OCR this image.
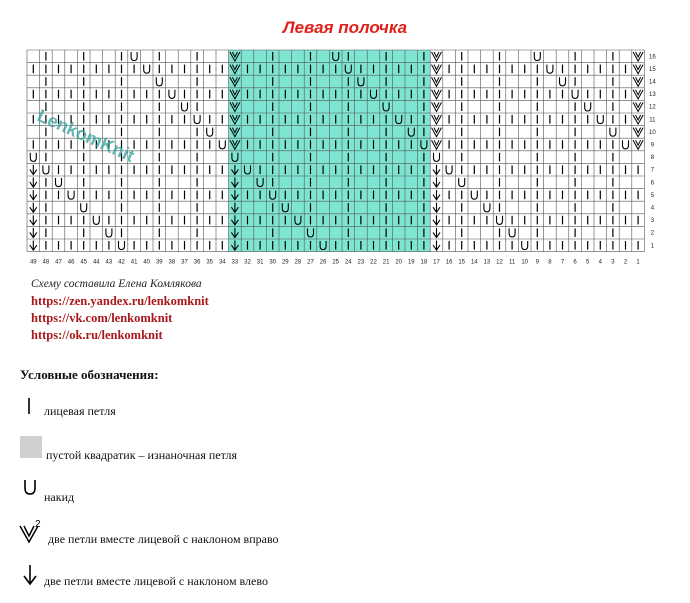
Левая полочка
49 48 47 46 45 44 43 42 41 40 39 38 37 36 35 34 33 32 31 30 29 28 27 26 25 24 23 22 21 20 19 18 17 16 15 14 13 12 11 10 9 8 7 6 5 4 3 2 1
16
15
14
13
12
11
10
9
8
7
6
5
4
3
2
1
LenkomKnit
Схему составила Елена Комлякова
https://zen.yandex.ru/lenkomknit
https://vk.com/lenkomknit
https://ok.ru/lenkomknit
Условные обозначения:
лицевая петля
пустой квадратик – изнаночная петля
накид
2
две петли вместе лицевой с наклоном вправо
две петли вместе лицевой с наклоном влево
